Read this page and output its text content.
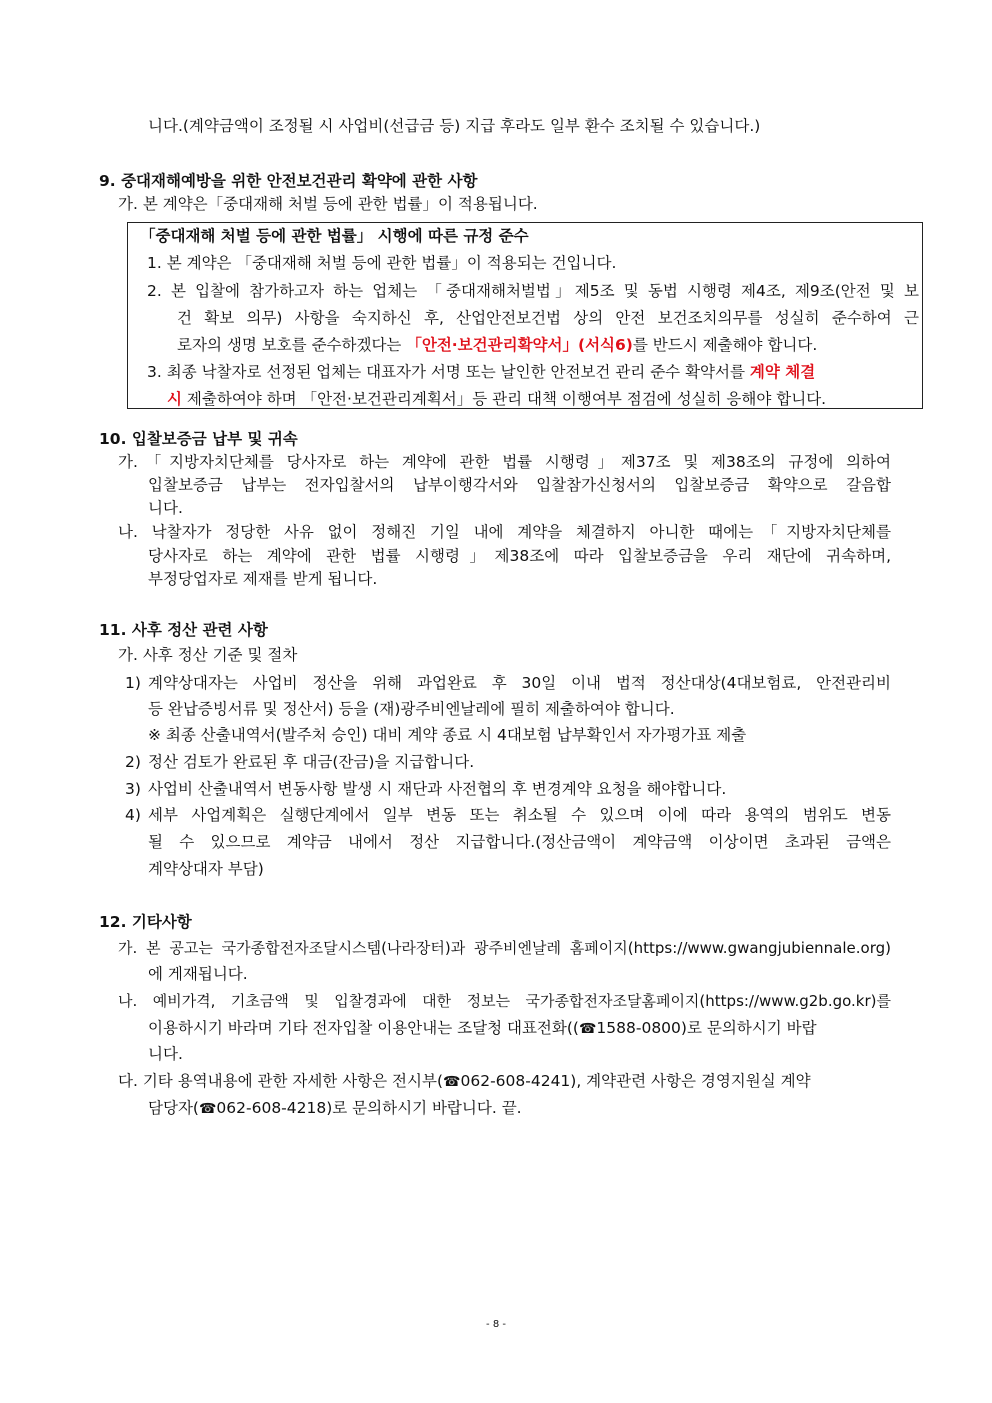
니다.(계약금액이 조정될 시 사업비(선급금 등) 지급 후라도 일부 환수 조치될 수 있습니다.)
9. 중대재해예방을 위한 안전보건관리 확약에 관한 사항
가. 본 계약은「중대재해 처벌 등에 관한 법률」이 적용됩니다.
「중대재해 처벌 등에 관한 법률」 시행에 따른 규정 준수
1. 본 계약은 「중대재해 처벌 등에 관한 법률」이 적용되는 건입니다.
2. 본 입찰에 참가하고자 하는 업체는 「중대재해처벌법」제5조 및 동법 시행령 제4조, 제9조(안전 및 보
건 확보 의무) 사항을 숙지하신 후, 산업안전보건법 상의 안전 보건조치의무를 성실히 준수하여 근
로자의 생명 보호를 준수하겠다는 「안전·보건관리확약서」(서식6)를 반드시 제출해야 합니다.
3. 최종 낙찰자로 선정된 업체는 대표자가 서명 또는 날인한 안전보건 관리 준수 확약서를 계약 체결
시 제출하여야 하며 「안전·보건관리계획서」등 관리 대책 이행여부 점검에 성실히 응해야 합니다.
10. 입찰보증금 납부 및 귀속
가.「지방자치단체를 당사자로 하는 계약에 관한 법률 시행령」제37조 및 제38조의 규정에 의하여
입찰보증금 납부는 전자입찰서의 납부이행각서와 입찰참가신청서의 입찰보증금 확약으로 갈음합
니다.
나. 낙찰자가 정당한 사유 없이 정해진 기일 내에 계약을 체결하지 아니한 때에는「지방자치단체를
당사자로 하는 계약에 관한 법률 시행령」제38조에 따라 입찰보증금을 우리 재단에 귀속하며,
부정당업자로 제재를 받게 됩니다.
11. 사후 정산 관련 사항
가. 사후 정산 기준 및 절차
1) 계약상대자는 사업비 정산을 위해 과업완료 후 30일 이내 법적 정산대상(4대보험료, 안전관리비
등 완납증빙서류 및 정산서) 등을 (재)광주비엔날레에 필히 제출하여야 합니다.
※ 최종 산출내역서(발주처 승인) 대비 계약 종료 시 4대보험 납부확인서 자가평가표 제출
2) 정산 검토가 완료된 후 대금(잔금)을 지급합니다.
3) 사업비 산출내역서 변동사항 발생 시 재단과 사전협의 후 변경계약 요청을 해야합니다.
4) 세부 사업계획은 실행단계에서 일부 변동 또는 취소될 수 있으며 이에 따라 용역의 범위도 변동
될 수 있으므로 계약금 내에서 정산 지급합니다.(정산금액이 계약금액 이상이면 초과된 금액은
계약상대자 부담)
12. 기타사항
가. 본 공고는 국가종합전자조달시스템(나라장터)과 광주비엔날레 홈페이지(https://www.gwangjubiennale.org)
에 게재됩니다.
나. 예비가격, 기초금액 및 입찰경과에 대한 정보는 국가종합전자조달홈페이지(https://www.g2b.go.kr)를
이용하시기 바라며 기타 전자입찰 이용안내는 조달청 대표전화((☎1588-0800)로 문의하시기 바랍
니다.
다. 기타 용역내용에 관한 자세한 사항은 전시부(☎062-608-4241), 계약관련 사항은 경영지원실 계약
담당자(☎062-608-4218)로 문의하시기 바랍니다. 끝.
- 8 -
